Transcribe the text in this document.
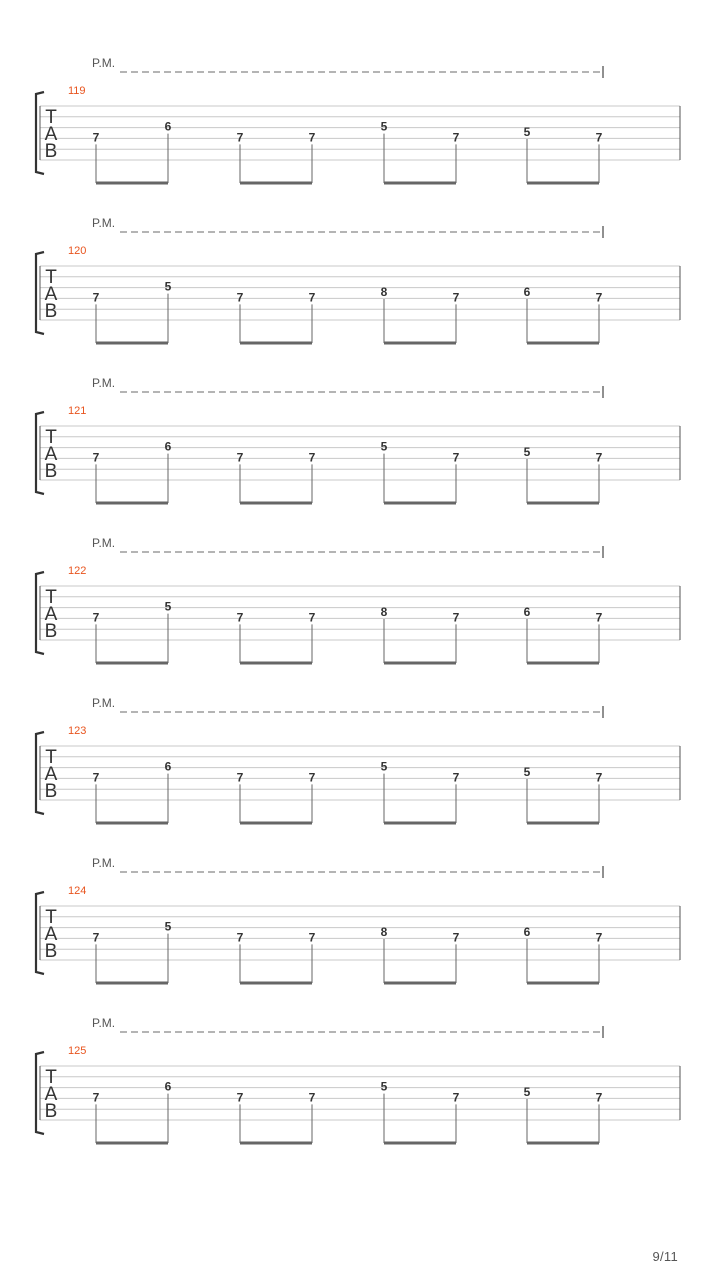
P.M.
119
T
A
B
7
6
7	7
5
7	5	7
P.M.
120
T
A
B
7
5
7	7	8	7	6	7
P.M.
121
T
A
B
7
6
7	7
5
7	5	7
P.M.
122
T
A
B
7
5
7	7	8	7	6	7
P.M.
123
T
A
B
7
6
7	7
5
7	5	7
P.M.
124
T
A
B
7
5
7	7	8	7	6	7
P.M.
125
T
A
B
7
6
7	7
5
7	5	7
9/11
